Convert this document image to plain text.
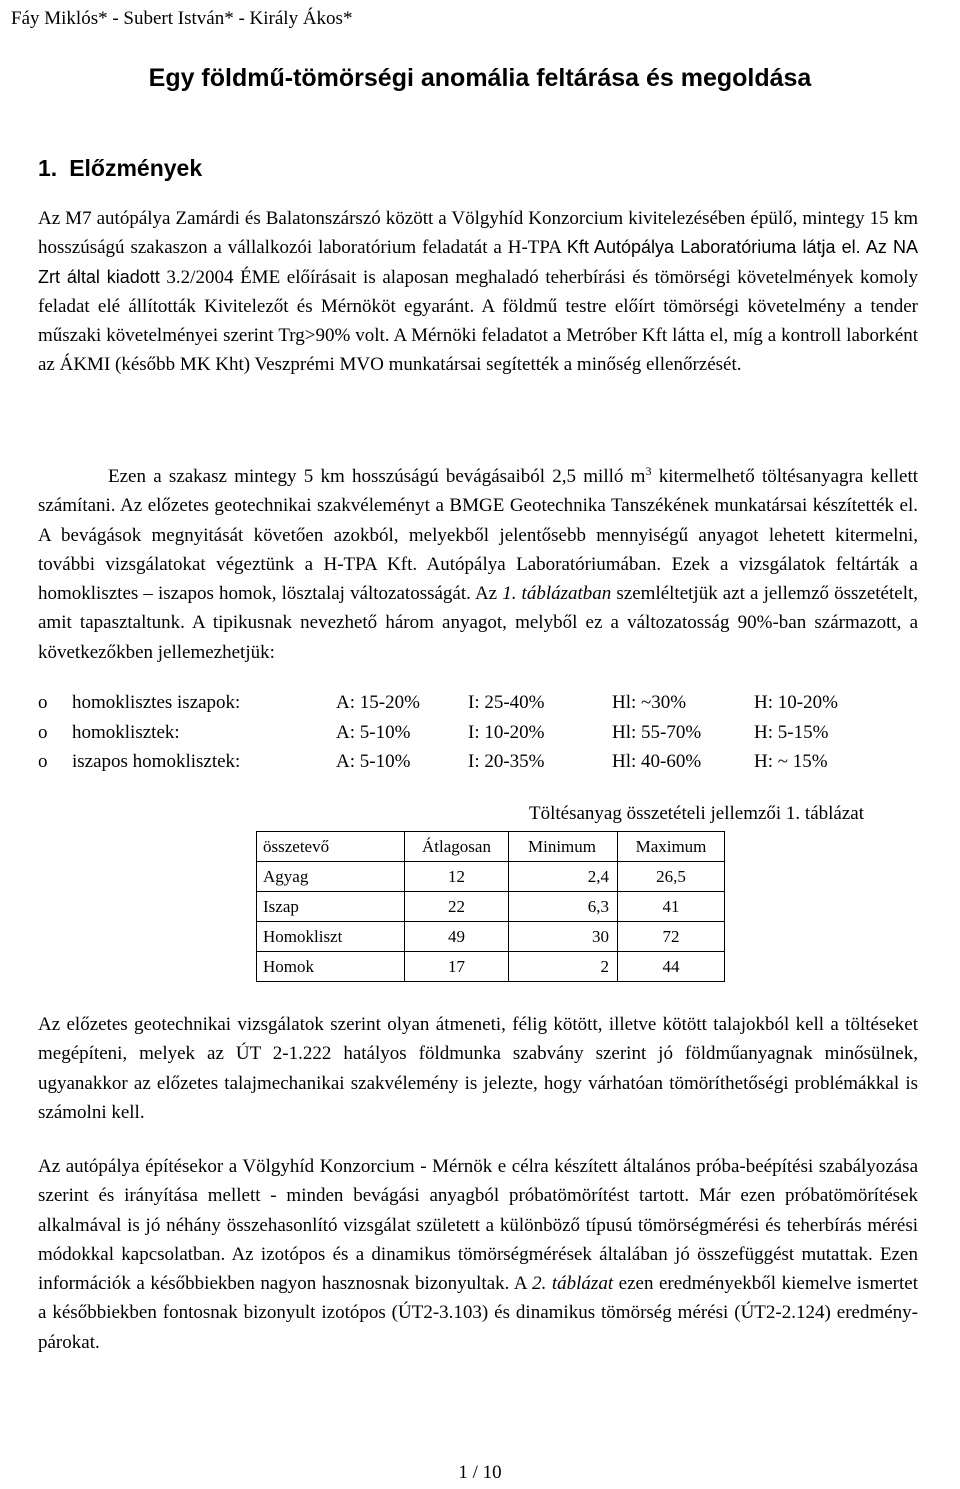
Fáy Miklós* - Subert István* - Király Ákos*
Egy földmű-tömörségi anomália feltárása és megoldása
1. Előzmények

Az M7 autópálya Zamárdi és Balatonszárszó között a Völgyhíd Konzorcium kivitelezésében épülő, mintegy 15 km hosszúságú szakaszon a vállalkozói laboratórium feladatát a H-TPA Kft Autópálya Laboratóriuma látja el. Az NA Zrt által kiadott 3.2/2004 ÉME előírásait is alaposan meghaladó teherbírási és tömörségi követelmények komoly feladat elé állították Kivitelezőt és Mérnököt egyaránt. A földmű testre előírt tömörségi követelmény a tender műszaki követelményei szerint Trg>90% volt. A Mérnöki feladatot a Metróber Kft látta el, míg a kontroll laborként az ÁKMI (később MK Kht) Veszprémi MVO munkatársai segítették a minőség ellenőrzését.

Ezen a szakasz mintegy 5 km hosszúságú bevágásaiból 2,5 milló $m^3$ kitermelhető töltésanyagra kellett számítani. Az előzetes geotechnikai szakvéleményt a BMGE Geotechnika Tanszékének munkatársai készítették el. A bevágások megnyitását követően azokból, melyekből jelentősebb mennyiségű anyagot lehetett kitermelni, további vizsgálatokat végeztünk a H-TPA Kft. Autópálya Laboratóriumában. Ezek a vizsgálatok feltárták a homoklisztes – iszapos homok, lösztalaj változatosságát. Az 1. táblázatban szemléltetjük azt a jellemző összetételt, amit tapasztaltunk. A tipikusnak nevezhető három anyagot, melyből ez a változatosság 90%-ban származott, a következőkben jellemezhetjük:

o homoklisztes iszapok:	A: 15-20%	I: 25-40%	Hl: ~30%	H: 10-20%
o homoklisztek:	A: 5-10%	I: 10-20%	Hl: 55-70%	H: 5-15%
o iszapos homoklisztek:	A: 5-10%	I: 20-35%	Hl: 40-60%	H: ~ 15%
Töltésanyag összetételi jellemzői 1. táblázat
összetevő	Átlagosan	Minimum	Maximum
Agyag	12	2,4	26,5
Iszap	22	6,3	41
Homokliszt	49	30	72
Homok	17	2	44

Az előzetes geotechnikai vizsgálatok szerint olyan átmeneti, félig kötött, illetve kötött talajokból kell a töltéseket megépíteni, melyek az ÚT 2-1.222 hatályos földmunka szabvány szerint jó földműanyagnak minősülnek, ugyanakkor az előzetes talajmechanikai szakvélemény is jelezte, hogy várhatóan tömöríthetőségi problémákkal is számolni kell.

Az autópálya építésekor a Völgyhíd Konzorcium - Mérnök e célra készített általános próba-beépítési szabályozása szerint és irányítása mellett - minden bevágási anyagból próbatömörítést tartott. Már ezen próbatömörítések alkalmával is jó néhány összehasonlító vizsgálat született a különböző típusú tömörségmérési és teherbírás mérési módokkal kapcsolatban. Az izotópos és a dinamikus tömörségmérések általában jó összefüggést mutattak. Ezen információk a későbbiekben nagyon hasznosnak bizonyultak. A 2. táblázat ezen eredményekből kiemelve ismertet a későbbiekben fontosnak bizonyult izotópos (ÚT2-3.103) és dinamikus tömörség mérési (ÚT2-2.124) eredmény-párokat.

1 / 10
